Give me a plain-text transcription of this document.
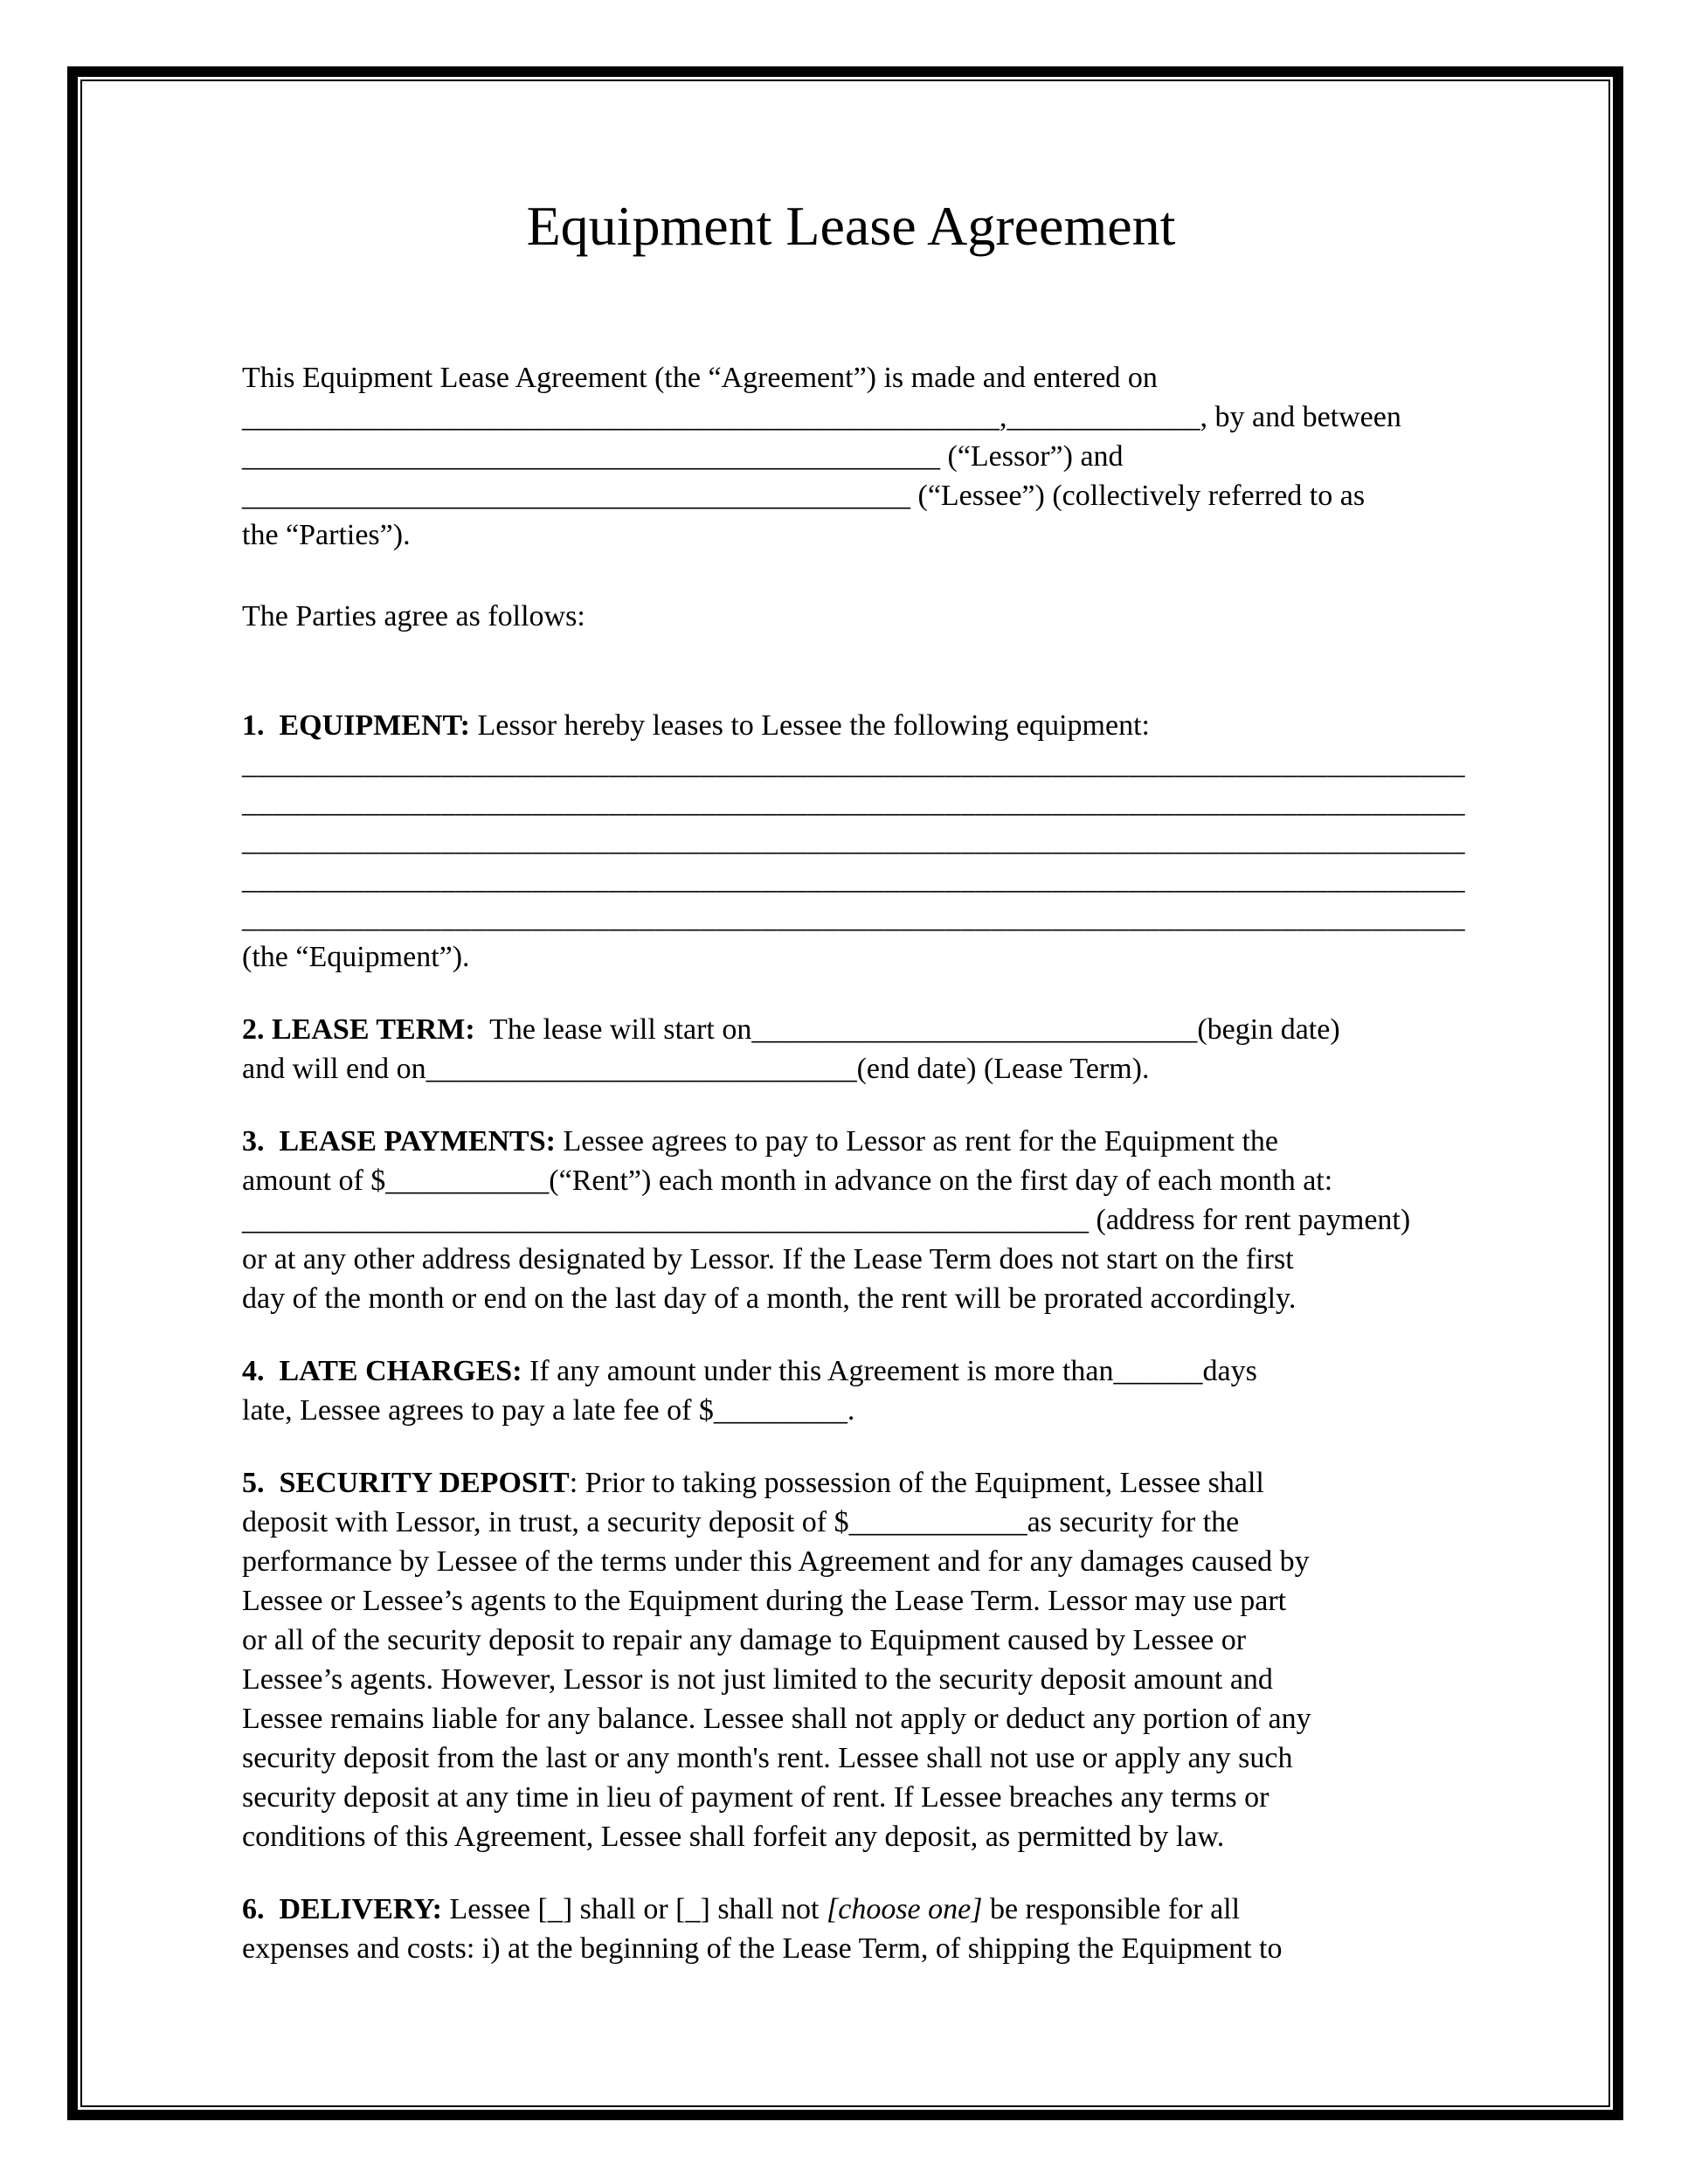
Equipment Lease Agreement
This Equipment Lease Agreement (the “Agreement”) is made and entered on
___________________________________________________,_____________, by and between
_______________________________________________ (“Lessor”) and
_____________________________________________ (“Lessee”) (collectively referred to as
the “Parties”).
The Parties agree as follows:
1.  EQUIPMENT: Lessor hereby leases to Lessee the following equipment:
________________________________________________________________________________
________________________________________________________________________________
________________________________________________________________________________
________________________________________________________________________________
________________________________________________________________________________
(the “Equipment”).
2. LEASE TERM:  The lease will start on______________________________(begin date)
and will end on_____________________________(end date) (Lease Term).
3.  LEASE PAYMENTS: Lessee agrees to pay to Lessor as rent for the Equipment the
amount of $___________(“Rent”) each month in advance on the first day of each month at:
_________________________________________________________ (address for rent payment)
or at any other address designated by Lessor. If the Lease Term does not start on the first
day of the month or end on the last day of a month, the rent will be prorated accordingly.
4.  LATE CHARGES: If any amount under this Agreement is more than______days
late, Lessee agrees to pay a late fee of $_________.
5.  SECURITY DEPOSIT: Prior to taking possession of the Equipment, Lessee shall
deposit with Lessor, in trust, a security deposit of $____________as security for the
performance by Lessee of the terms under this Agreement and for any damages caused by
Lessee or Lessee’s agents to the Equipment during the Lease Term. Lessor may use part
or all of the security deposit to repair any damage to Equipment caused by Lessee or
Lessee’s agents. However, Lessor is not just limited to the security deposit amount and
Lessee remains liable for any balance. Lessee shall not apply or deduct any portion of any
security deposit from the last or any month's rent. Lessee shall not use or apply any such
security deposit at any time in lieu of payment of rent. If Lessee breaches any terms or
conditions of this Agreement, Lessee shall forfeit any deposit, as permitted by law.
6.  DELIVERY: Lessee [_] shall or [_] shall not [choose one] be responsible for all
expenses and costs: i) at the beginning of the Lease Term, of shipping the Equipment to
